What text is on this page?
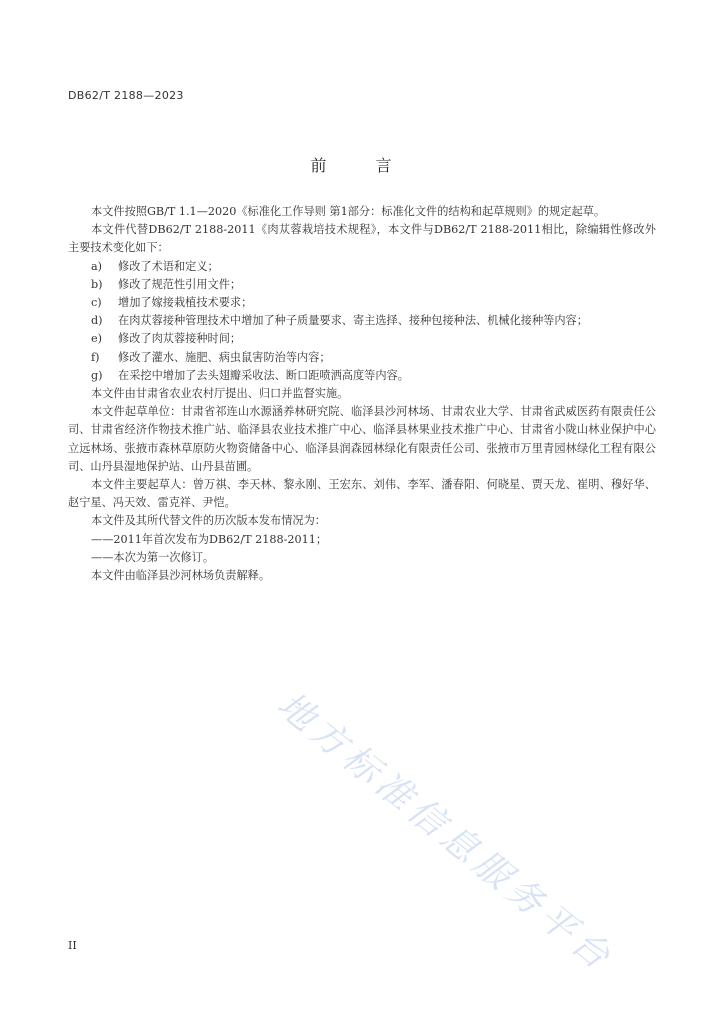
DB62/T 2188—2023
前 言

本文件按照GB/T 1.1—2020《标准化工作导则 第1部分：标准化文件的结构和起草规则》的规定起草。

本文件代替DB62/T 2188-2011《肉苁蓉栽培技术规程》，本文件与DB62/T 2188-2011相比，除编辑性修改外主要技术变化如下：

a) 修改了术语和定义；

b) 修改了规范性引用文件；

c) 增加了嫁接栽植技术要求；

d) 在肉苁蓉接种管理技术中增加了种子质量要求、寄主选择、接种包接种法、机械化接种等内容；

e) 修改了肉苁蓉接种时间；

f) 修改了灌水、施肥、病虫鼠害防治等内容；

g) 在采挖中增加了去头翅瓣采收法、断口距喷洒高度等内容。

本文件由甘肃省农业农村厅提出、归口并监督实施。

本文件起草单位：甘肃省祁连山水源涵养林研究院、临泽县沙河林场、甘肃农业大学、甘肃省武威医药有限责任公司、甘肃省经济作物技术推广站、临泽县农业技术推广中心、临泽县林果业技术推广中心、甘肃省小陇山林业保护中心立远林场、张掖市森林草原防火物资储备中心、临泽县润森园林绿化有限责任公司、张掖市万里青园林绿化工程有限公司、山丹县湿地保护站、山丹县苗圃。

本文件主要起草人：曾万祺、李天林、黎永刚、王宏东、刘伟、李军、潘春阳、何晓星、贾天龙、崔明、穆好华、赵宁星、冯天效、雷克祥、尹恺。

本文件及其所代替文件的历次版本发布情况为：

——2011年首次发布为DB62/T 2188-2011；

——本次为第一次修订。

本文件由临泽县沙河林场负责解释。

II	地方标准信息服务平台
